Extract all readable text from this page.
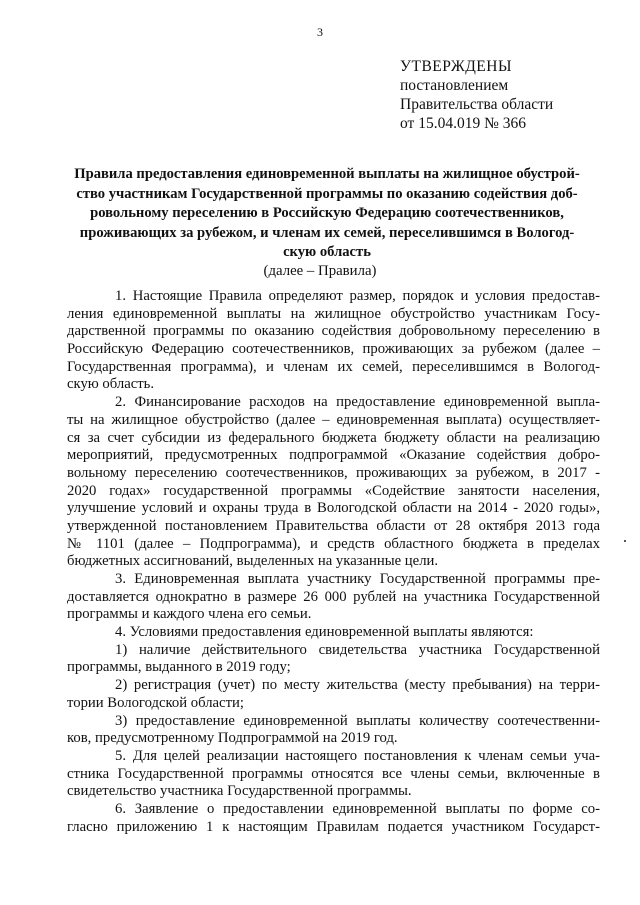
3
УТВЕРЖДЕНЫ
постановлением
Правительства области
от 15.04.019 № 366
Правила предоставления единовременной выплаты на жилищное обустрой-
ство участникам Государственной программы по оказанию содействия доб-
ровольному переселению в Российскую Федерацию соотечественников,
проживающих за рубежом, и членам их семей, переселившимся в Вологод-
скую область
(далее – Правила)
1. Настоящие Правила определяют размер, порядок и условия предостав-
ления единовременной выплаты на жилищное обустройство участникам Госу-
дарственной программы по оказанию содействия добровольному переселению в
Российскую Федерацию соотечественников, проживающих за рубежом (далее –
Государственная программа), и членам их семей, переселившимся в Вологод-
скую область.
2. Финансирование расходов на предоставление единовременной выпла-
ты на жилищное обустройство (далее – единовременная выплата) осуществляет-
ся за счет субсидии из федерального бюджета бюджету области на реализацию
мероприятий, предусмотренных подпрограммой «Оказание содействия добро-
вольному переселению соотечественников, проживающих за рубежом, в 2017 -
2020 годах» государственной программы «Содействие занятости населения,
улучшение условий и охраны труда в Вологодской области на 2014 - 2020 годы»,
утвержденной постановлением Правительства области от 28 октября 2013 года
№ 1101 (далее – Подпрограмма), и средств областного бюджета в пределах
бюджетных ассигнований, выделенных на указанные цели.
3. Единовременная выплата участнику Государственной программы пре-
доставляется однократно в размере 26 000 рублей на участника Государственной
программы и каждого члена его семьи.
4. Условиями предоставления единовременной выплаты являются:
1) наличие действительного свидетельства участника Государственной
программы, выданного в 2019 году;
2) регистрация (учет) по месту жительства (месту пребывания) на терри-
тории Вологодской области;
3) предоставление единовременной выплаты количеству соотечественни-
ков, предусмотренному Подпрограммой на 2019 год.
5. Для целей реализации настоящего постановления к членам семьи уча-
стника Государственной программы относятся все члены семьи, включенные в
свидетельство участника Государственной программы.
6. Заявление о предоставлении единовременной выплаты по форме со-
гласно приложению 1 к настоящим Правилам подается участником Государст-
